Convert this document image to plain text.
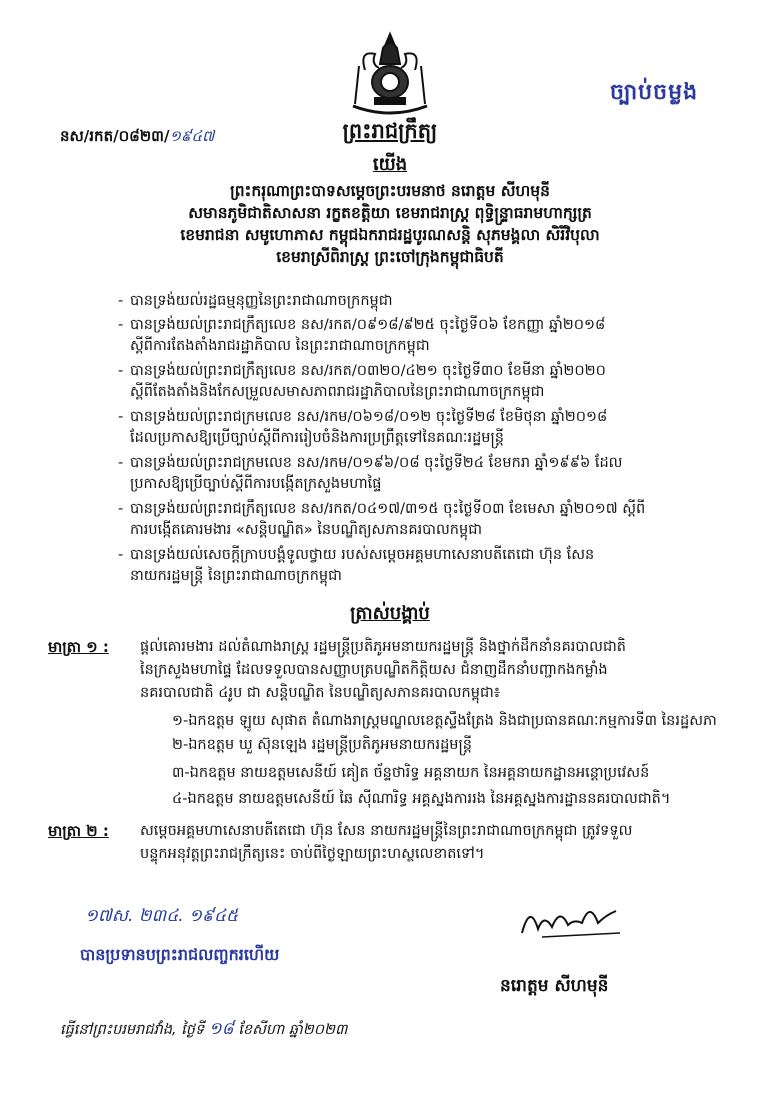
ច្បាប់ចម្លង
នស/រកត/០៨២៣/១៩៤៧	ព្រះរាជក្រឹត្យ
យើង
ព្រះករុណាព្រះបាទសម្ដេចព្រះបរមនាថ នរោត្តម សីហមុនី
សមានភូមិជាតិសាសនា រក្ខតខត្តិយា ខេមរាជរាស្ត្រ ពុទ្ធិន្ទ្រាធរាមហាក្សត្រ
ខេមរាជនា សមូហោភាស កម្ពុជឯករាជរដ្ឋបូរណសន្តិ សុភមង្គលា សិរីវិបុលា
ខេមរាស្រីពិរាស្ត្រ ព្រះចៅក្រុងកម្ពុជាធិបតី
- បានទ្រង់យល់រដ្ឋធម្មនុញ្ញនៃព្រះរាជាណាចក្រកម្ពុជា
- បានទ្រង់យល់ព្រះរាជក្រឹត្យលេខ នស/រកត/០៩១៨/៩២៥ ចុះថ្ងៃទី០៦ ខែកញ្ញា ឆ្នាំ២០១៨
ស្ដីពីការតែងតាំងរាជរដ្ឋាភិបាល នៃព្រះរាជាណាចក្រកម្ពុជា
- បានទ្រង់យល់ព្រះរាជក្រឹត្យលេខ នស/រកត/០៣២០/៤២១ ចុះថ្ងៃទី៣០ ខែមីនា ឆ្នាំ២០២០
ស្ដីពីតែងតាំងនិងកែសម្រួលសមាសភាពរាជរដ្ឋាភិបាលនៃព្រះរាជាណាចក្រកម្ពុជា
- បានទ្រង់យល់ព្រះរាជក្រមលេខ នស/រកម/០៦១៨/០១២ ចុះថ្ងៃទី២៨ ខែមិថុនា ឆ្នាំ២០១៨
ដែលប្រកាសឱ្យប្រើច្បាប់ស្ដីពីការរៀបចំនិងការប្រព្រឹត្តទៅនៃគណៈរដ្ឋមន្ត្រី
- បានទ្រង់យល់ព្រះរាជក្រមលេខ នស/រកម/០១៩៦/០៨ ចុះថ្ងៃទី២៤ ខែមករា ឆ្នាំ១៩៩៦ ដែល
ប្រកាសឱ្យប្រើច្បាប់ស្ដីពីការបង្កើតក្រសួងមហាផ្ទៃ
- បានទ្រង់យល់ព្រះរាជក្រឹត្យលេខ នស/រកត/០៤១៧/៣១៥ ចុះថ្ងៃទី០៣ ខែមេសា ឆ្នាំ២០១៧ ស្ដីពី
ការបង្កើតគោរមងារ «សន្តិបណ្ឌិត» នៃបណ្ឌិត្យសភានគរបាលកម្ពុជា
- បានទ្រង់យល់សេចក្ដីក្រាបបង្គំទូលថ្វាយ របស់សម្ដេចអគ្គមហាសេនាបតីតេជោ ហ៊ុន សែន
នាយករដ្ឋមន្ត្រី នៃព្រះរាជាណាចក្រកម្ពុជា
ត្រាស់បង្គាប់
មាត្រា ១ : ផ្ដល់គោរមងារ ដល់តំណាងរាស្ត្រ រដ្ឋមន្ត្រីប្រតិភូអមនាយករដ្ឋមន្ត្រី និងថ្នាក់ដឹកនាំនគរបាលជាតិ
នៃក្រសួងមហាផ្ទៃ ដែលទទួលបានសញ្ញាបត្របណ្ឌិតកិត្តិយស ជំនាញដឹកនាំបញ្ជាកងកម្លាំង
នគរបាលជាតិ ៤រូប ជា សន្តិបណ្ឌិត នៃបណ្ឌិត្យសភានគរបាលកម្ពុជា៖
១-ឯកឧត្តម ឡូយ សុផាត តំណាងរាស្ត្រមណ្ឌលខេត្តស្ទឹងត្រែង និងជាប្រធានគណៈកម្មការទី៣ នៃរដ្ឋសភា
២-ឯកឧត្តម ឃួ ស៊ុនឡេង រដ្ឋមន្ត្រីប្រតិភូអមនាយករដ្ឋមន្ត្រី
៣-ឯកឧត្តម នាយឧត្តមសេនីយ៍ គៀត ច័ន្ទថារិទ្ធ អគ្គនាយក នៃអគ្គនាយកដ្ឋានអន្តោប្រវេសន៍
៤-ឯកឧត្តម នាយឧត្តមសេនីយ៍ ឆៃ ស៊ីណារិទ្ធ អគ្គស្នងការរង នៃអគ្គស្នងការដ្ឋាននគរបាលជាតិ។
មាត្រា ២ : សម្ដេចអគ្គមហាសេនាបតីតេជោ ហ៊ុន សែន នាយករដ្ឋមន្ត្រីនៃព្រះរាជាណាចក្រកម្ពុជា ត្រូវទទួល
បន្ទុកអនុវត្តព្រះរាជក្រឹត្យនេះ ចាប់ពីថ្ងៃឡាយព្រះហស្ថលេខាតទៅ។
១៧ស. ២៣៤. ១៩៤៥
បានប្រទានបព្រះរាជលញ្ចករហើយ
នរោត្តម សីហមុនី
ធ្វើនៅព្រះបរមរាជវាំង, ថ្ងៃទី ១៨ ខែសីហា ឆ្នាំ២០២៣
